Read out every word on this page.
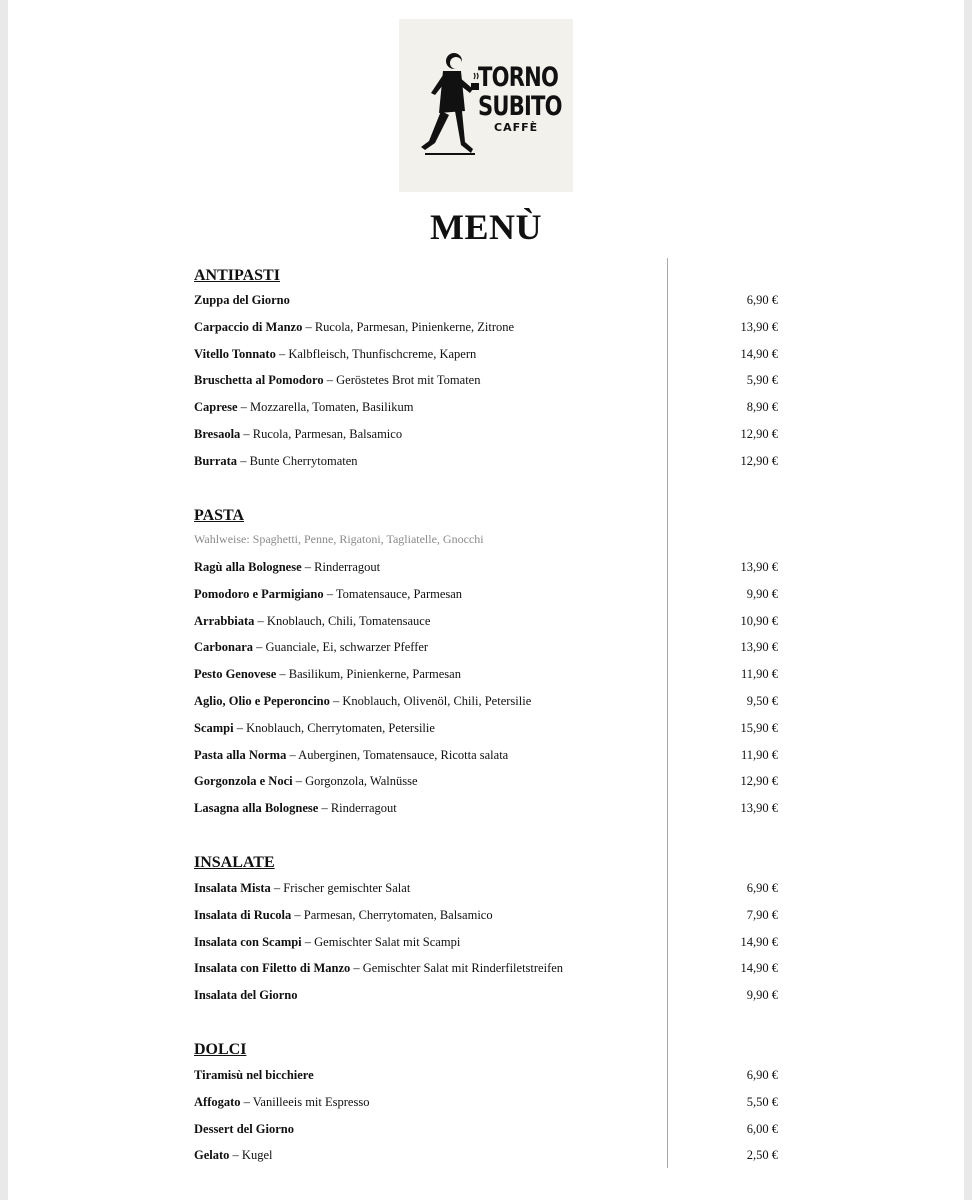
TORNO
SUBITO
CAFFÈ
MENÙ
ANTIPASTI
Zuppa del Giorno	6,90 €
Carpaccio di Manzo – Rucola, Parmesan, Pinienkerne, Zitrone	13,90 €
Vitello Tonnato – Kalbfleisch, Thunfischcreme, Kapern	14,90 €
Bruschetta al Pomodoro – Geröstetes Brot mit Tomaten	5,90 €
Caprese – Mozzarella, Tomaten, Basilikum	8,90 €
Bresaola – Rucola, Parmesan, Balsamico	12,90 €
Burrata – Bunte Cherrytomaten	12,90 €
PASTA
Wahlweise: Spaghetti, Penne, Rigatoni, Tagliatelle, Gnocchi
Ragù alla Bolognese – Rinderragout	13,90 €
Pomodoro e Parmigiano – Tomatensauce, Parmesan	9,90 €
Arrabbiata – Knoblauch, Chili, Tomatensauce	10,90 €
Carbonara – Guanciale, Ei, schwarzer Pfeffer	13,90 €
Pesto Genovese – Basilikum, Pinienkerne, Parmesan	11,90 €
Aglio, Olio e Peperoncino – Knoblauch, Olivenöl, Chili, Petersilie	9,50 €
Scampi – Knoblauch, Cherrytomaten, Petersilie	15,90 €
Pasta alla Norma – Auberginen, Tomatensauce, Ricotta salata	11,90 €
Gorgonzola e Noci – Gorgonzola, Walnüsse	12,90 €
Lasagna alla Bolognese – Rinderragout	13,90 €
INSALATE
Insalata Mista – Frischer gemischter Salat	6,90 €
Insalata di Rucola – Parmesan, Cherrytomaten, Balsamico	7,90 €
Insalata con Scampi – Gemischter Salat mit Scampi	14,90 €
Insalata con Filetto di Manzo – Gemischter Salat mit Rinderfiletstreifen	14,90 €
Insalata del Giorno	9,90 €
DOLCI
Tiramisù nel bicchiere	6,90 €
Affogato – Vanilleeis mit Espresso	5,50 €
Dessert del Giorno	6,00 €
Gelato – Kugel	2,50 €
